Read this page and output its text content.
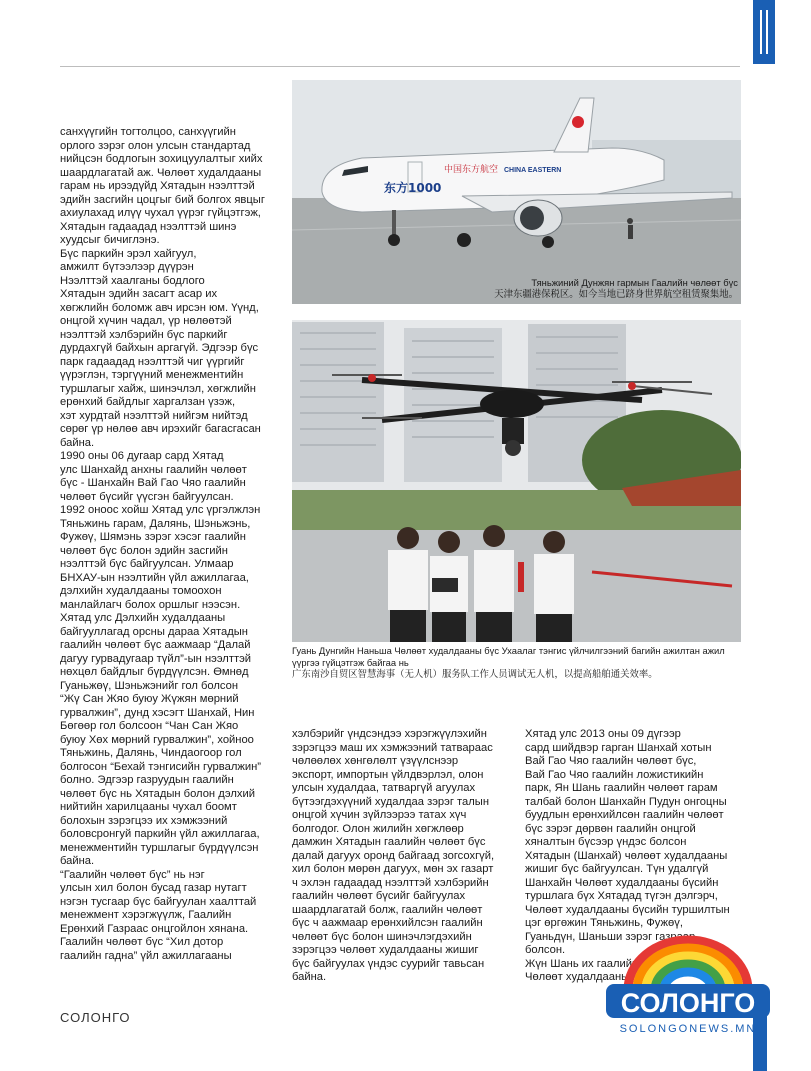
中国东方航空 CHINA EASTERN
东方1000
Тяньжиний Дунжян гармын Гаалийн чөлөөт бүс
天津东疆港保税区。如今当地已跻身世界航空租赁聚集地。
Гуань Дунгийн Наньша Чөлөөт худалдааны бүс Ухаалаг тэнгис үйлчилгээний багийн ажилтан ажил
үүргээ гүйцэтгэж байгаа нь
广东南沙自贸区智慧海事（无人机）服务队工作人员调试无人机，以提高船舶通关效率。
санхүүгийн тогтолцоо, санхүүгийн
орлого зэрэг олон улсын стандартад
нийцсэн бодлогын зохицуулалтыг хийх
шаардлагатай аж. Чөлөөт худалдааны
гарам нь ирээдүйд Хятадын нээлттэй
эдийн засгийн цоцгыг бий болгох явцыг
ахиулахад илүү чухал үүрэг гүйцэтгэж,
Хятадын гадаадад нээлттэй шинэ
хуудсыг бичиглэнэ.
Бүс паркийн эрэл хайгуул,
амжилт бүтээлээр дүүрэн
Нээлттэй хаалганы бодлого
Хятадын эдийн засагт асар их
хөгжлийн боломж авч ирсэн юм. Үүнд,
онцгой хүчин чадал, үр нөлөөтэй
нээлттэй хэлбэрийн бүс паркийг
дурдахгүй байхын аргагүй. Эдгээр бүс
парк гадаадад нээлттэй чиг үүргийг
үүрэглэн, тэргүүний менежментийн
туршлагыг хайж, шинэчлэл, хөгжлийн
ерөнхий байдлыг харгалзан үзэж,
хэт хурдтай нээлттэй нийгэм нийтэд
сөрөг үр нөлөө авч ирэхийг багасгасан
байна.
1990 оны 06 дугаар сард Хятад
улс Шанхайд анхны гаалийн чөлөөт
бүс - Шанхайн Вай Гао Чяо гаалийн
чөлөөт бүсийг үүсгэн байгуулсан.
1992 оноос хойш Хятад улс үргэлжлэн
Тяньжинь гарам, Далянь, Шэньжэнь,
Фужөү, Шямэнь зэрэг хэсэг гаалийн
чөлөөт бүс болон эдийн засгийн
нээлттэй бүс байгуулсан. Улмаар
БНХАУ-ын нээлтийн үйл ажиллагаа,
дэлхийн худалдааны томоохон
манлайлагч болох оршлыг нээсэн.
Хятад улс Дэлхийн худалдааны
байгууллагад орсны дараа Хятадын
гаалийн чөлөөт бүс аажмаар “Далай
дагуу гурвадугаар түйл”-ын нээлттэй
нөхцөл байдлыг бүрдүүлсэн. Өмнөд
Гуаньжөү, Шэньжэнийг гол болсон
“Жү Сан Жяо буюу Жүжян мөрний
гурвалжин”, дунд хэсэгт Шанхай, Нин
Бөгөөр гол болсоон “Чан Сан Жяо
буюу Хөх мөрний гурвалжин”, хойноо
Тяньжинь, Далянь, Чиндаогоор гол
болгосон “Бехай тэнгисийн гурвалжин”
болно. Эдгээр газруудын гаалийн
чөлөөт бүс нь Хятадын болон дэлхий
нийтийн харилцааны чухал боомт
болохын зэрэгцээ их хэмжээний
боловсронгуй паркийн үйл ажиллагаа,
менежментийн туршлагыг бүрдүүлсэн
байна.
“Гаалийн чөлөөт бүс” нь нэг
улсын хил болон бусад газар нутагт
нэгэн тусгаар бүс байгуулан хаалттай
менежмент хэрэгжүүлж, Гаалийн
Ерөнхий Газраас онцгойлон хянана.
Гаалийн чөлөөт бүс “Хил дотор
гаалийн гадна” үйл ажиллагааны
хэлбэрийг үндсэндээ хэрэгжүүлэхийн
зэрэгцээ маш их хэмжээний татвараас
чөлөөлөх хөнгөлөлт үзүүлснээр
экспорт, импортын үйлдвэрлэл, олон
улсын худалдаа, татваргүй агуулах
бүтээгдэхүүний худалдаа зэрэг талын
онцгой хүчин зүйлээрээ татах хүч
болгодог. Олон жилийн хөгжлөөр
дамжин Хятадын гаалийн чөлөөт бүс
далай дагуух оронд байгаад зогсохгүй,
хил болон мөрөн дагуух, мөн эх газарт
ч эхлэн гадаадад нээлттэй хэлбэрийн
гаалийн чөлөөт бүсийг байгуулах
шаардлагатай болж, гаалийн чөлөөт
бүс ч аажмаар ерөнхийлсэн гаалийн
чөлөөт бүс болон шинэчлэгдэхийн
зэрэгцээ чөлөөт худалдааны жишиг
бүс байгуулах үндэс суурийг тавьсан
байна.
Хятад улс 2013 оны 09 дүгээр
сард шийдвэр гарган Шанхай хотын
Вай Гао Чяо гаалийн чөлөөт бүс,
Вай Гао Чяо гаалийн ложистикийн
парк, Ян Шань гаалийн чөлөөт гарам
талбай болон Шанхайн Пудун онгоцны
буудлын ерөнхийлсөн гаалийн чөлөөт
бүс зэрэг дөрвөн гаалийн онцгой
хяналтын бүсээр үндэс болсон
Хятадын (Шанхай) чөлөөт худалдааны
жишиг бүс байгуулсан. Түн удалгүй
Шанхайн Чөлөөт худалдааны бүсийн
туршлага бүх Хятадад түгэн дэлгэрч,
Чөлөөт худалдааны бүсийн туршилтын
цэг өргөжин Тяньжинь, Фужөү,
Гуаньдүн, Шаньши зэрэг газраар
болсон.
Жүн Шань их гаалийн
Чөлөөт худалдааны
СОЛОНГО	СОЛОНГО
SOLONGONEWS.MN
